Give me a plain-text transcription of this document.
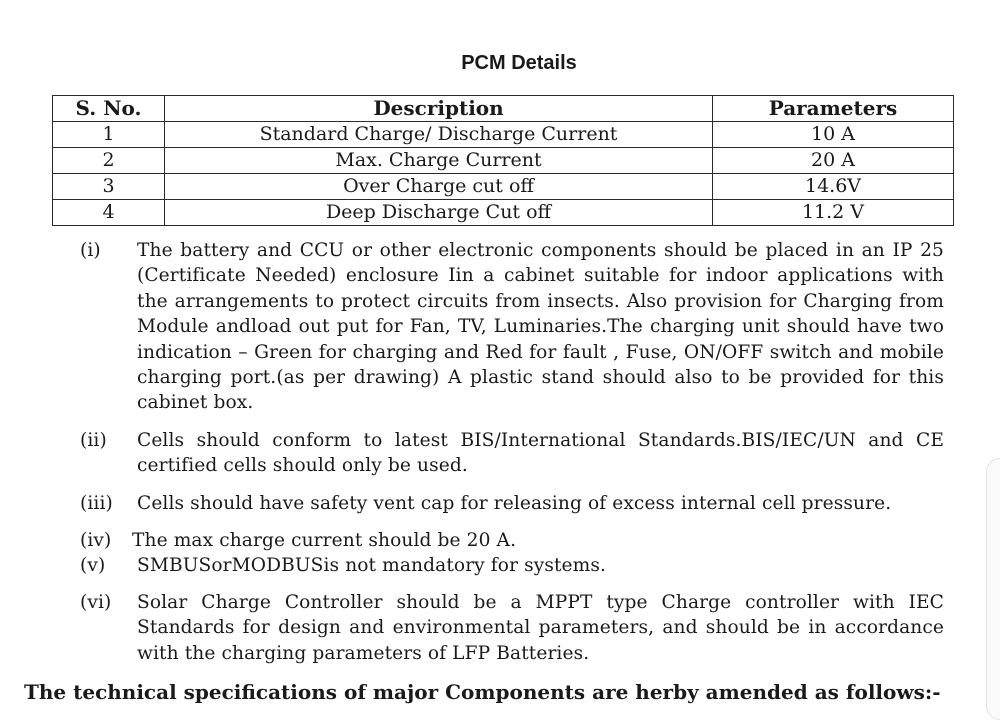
PCM Details
S. No.	Description	Parameters
1	Standard Charge/ Discharge Current	10 A
2	Max. Charge Current	20 A
3	Over Charge cut off	14.6V
4	Deep Discharge Cut off	11.2 V
(i)	The battery and CCU or other electronic components should be placed in an IP 25 (Certificate Needed) enclosure Iin a cabinet suitable for indoor applications with the arrangements to protect circuits from insects. Also provision for Charging from Module andload out put for Fan, TV, Luminaries.The charging unit should have two indication – Green for charging and Red for fault , Fuse, ON/OFF switch and mobile charging port.(as per drawing) A plastic stand should also to be provided for this cabinet box.
(ii)	Cells should conform to latest BIS/International Standards.BIS/IEC/UN and CE certified cells should only be used.
(iii)	Cells should have safety vent cap for releasing of excess internal cell pressure.
(iv)	The max charge current should be 20 A.
(v)	SMBUSorMODBUSis not mandatory for systems.
(vi)	Solar Charge Controller should be a MPPT type Charge controller with IEC Standards for design and environmental parameters, and should be in accordance with the charging parameters of LFP Batteries.
The technical specifications of major Components are herby amended as follows:-
